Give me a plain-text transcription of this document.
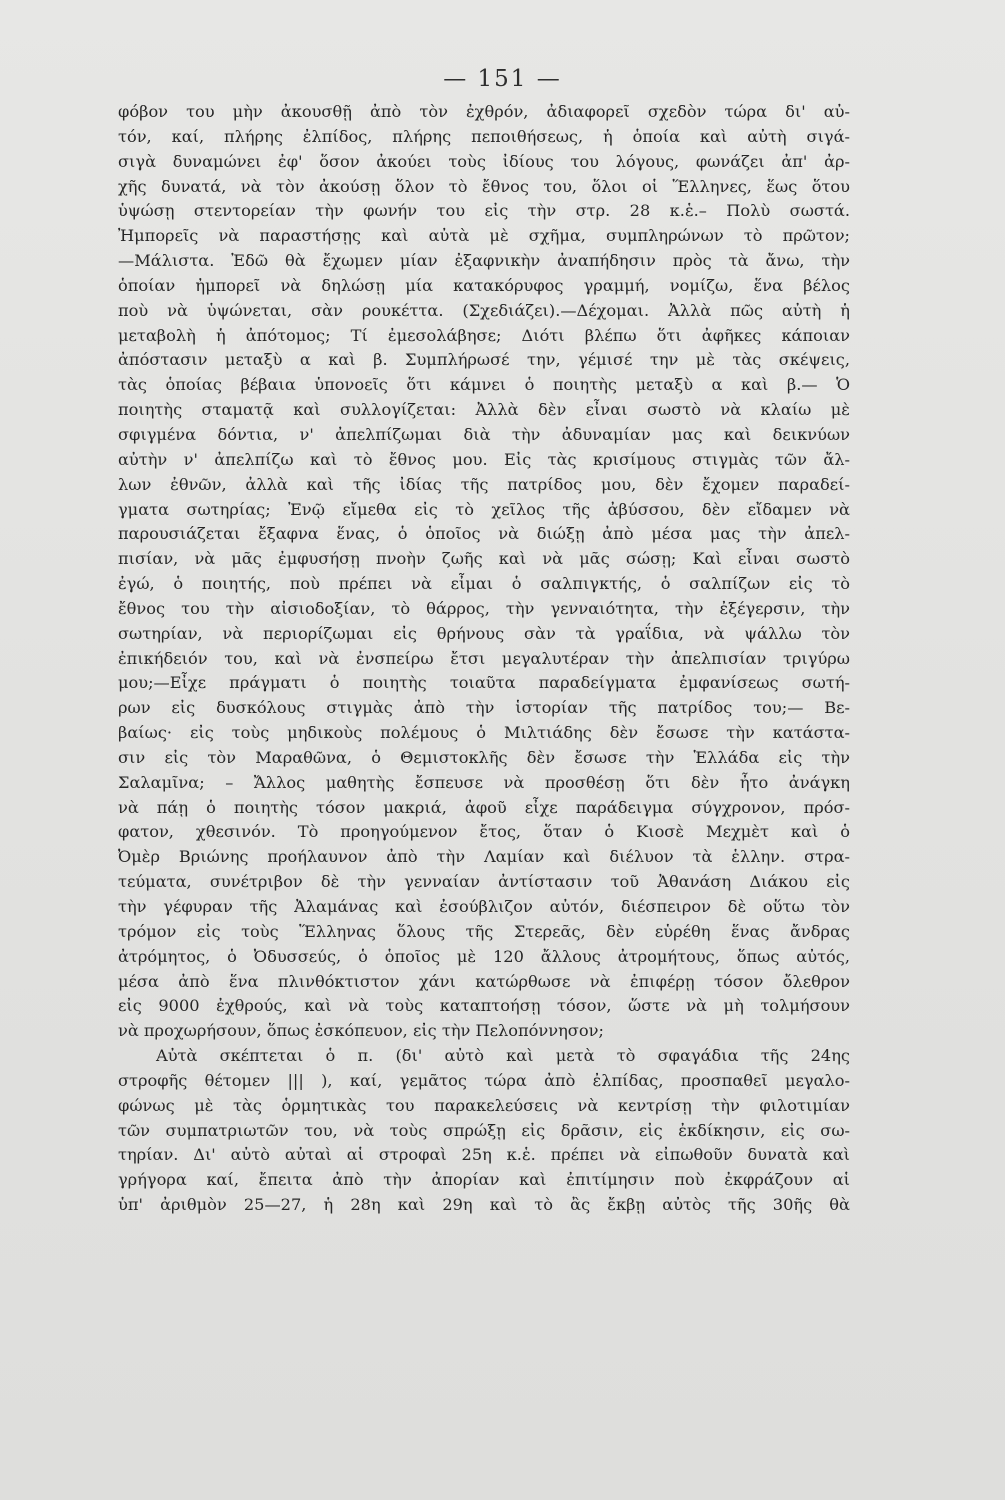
— 151 —
φόβον του μὴν ἀκουσθῇ ἀπὸ τὸν ἐχθρόν, ἀδιαφορεῖ σχεδὸν τώρα δι' αὐ-
τόν, καί, πλήρης ἐλπίδος, πλήρης πεποιθήσεως, ἡ ὁποία καὶ αὐτὴ σιγά-
σιγὰ δυναμώνει ἐφ' ὅσον ἀκούει τοὺς ἰδίους του λόγους, φωνάζει ἀπ' ἀρ-
χῆς δυνατά, νὰ τὸν ἀκούσῃ ὅλον τὸ ἔθνος του, ὅλοι οἱ Ἕλληνες, ἕως ὅτου
ὑψώσῃ στεντορείαν τὴν φωνήν του εἰς τὴν στρ. 28 κ.ἑ.– Πολὺ σωστά.
Ἠμπορεῖς νὰ παραστήσῃς καὶ αὐτὰ μὲ σχῆμα, συμπληρώνων τὸ πρῶτον;
—Μάλιστα. Ἐδῶ θὰ ἔχωμεν μίαν ἐξαφνικὴν ἀναπήδησιν πρὸς τὰ ἄνω, τὴν
ὁποίαν ἠμπορεῖ νὰ δηλώσῃ μία κατακόρυφος γραμμή, νομίζω, ἕνα βέλος
ποὺ νὰ ὑψώνεται, σὰν ρουκέττα. (Σχεδιάζει).—Δέχομαι. Ἀλλὰ πῶς αὐτὴ ἡ
μεταβολὴ ἡ ἀπότομος; Τί ἐμεσολάβησε; Διότι βλέπω ὅτι ἀφῆκες κάποιαν
ἀπόστασιν μεταξὺ α καὶ β. Συμπλήρωσέ την, γέμισέ την μὲ τὰς σκέψεις,
τὰς ὁποίας βέβαια ὑπονοεῖς ὅτι κάμνει ὁ ποιητὴς μεταξὺ α καὶ β.— Ὁ
ποιητὴς σταματᾷ καὶ συλλογίζεται: Ἀλλὰ δὲν εἶναι σωστὸ νὰ κλαίω μὲ
σφιγμένα δόντια, ν' ἀπελπίζωμαι διὰ τὴν ἀδυναμίαν μας καὶ δεικνύων
αὐτὴν ν' ἀπελπίζω καὶ τὸ ἔθνος μου. Εἰς τὰς κρισίμους στιγμὰς τῶν ἄλ-
λων ἐθνῶν, ἀλλὰ καὶ τῆς ἰδίας τῆς πατρίδος μου, δὲν ἔχομεν παραδεί-
γματα σωτηρίας; Ἐνῷ εἴμεθα εἰς τὸ χεῖλος τῆς ἀβύσσου, δὲν εἴδαμεν νὰ
παρουσιάζεται ἔξαφνα ἕνας, ὁ ὁποῖος νὰ διώξῃ ἀπὸ μέσα μας τὴν ἀπελ-
πισίαν, νὰ μᾶς ἐμφυσήσῃ πνοὴν ζωῆς καὶ νὰ μᾶς σώσῃ; Καὶ εἶναι σωστὸ
ἐγώ, ὁ ποιητής, ποὺ πρέπει νὰ εἶμαι ὁ σαλπιγκτής, ὁ σαλπίζων εἰς τὸ
ἔθνος του τὴν αἰσιοδοξίαν, τὸ θάρρος, τὴν γενναιότητα, τὴν ἐξέγερσιν, τὴν
σωτηρίαν, νὰ περιορίζωμαι εἰς θρήνους σὰν τὰ γραΐδια, νὰ ψάλλω τὸν
ἐπικήδειόν του, καὶ νὰ ἐνσπείρω ἔτσι μεγαλυτέραν τὴν ἀπελπισίαν τριγύρω
μου;—Εἶχε πράγματι ὁ ποιητὴς τοιαῦτα παραδείγματα ἐμφανίσεως σωτή-
ρων εἰς δυσκόλους στιγμὰς ἀπὸ τὴν ἱστορίαν τῆς πατρίδος του;— Βε-
βαίως· εἰς τοὺς μηδικοὺς πολέμους ὁ Μιλτιάδης δὲν ἔσωσε τὴν κατάστα-
σιν εἰς τὸν Μαραθῶνα, ὁ Θεμιστοκλῆς δὲν ἔσωσε τὴν Ἑλλάδα εἰς τὴν
Σαλαμῖνα; – Ἄλλος μαθητὴς ἔσπευσε νὰ προσθέσῃ ὅτι δὲν ἦτο ἀνάγκη
νὰ πάῃ ὁ ποιητὴς τόσον μακριά, ἀφοῦ εἶχε παράδειγμα σύγχρονον, πρόσ-
φατον, χθεσινόν. Τὸ προηγούμενον ἔτος, ὅταν ὁ Κιοσὲ Μεχμὲτ καὶ ὁ
Ὀμὲρ Βριώνης προήλαυνον ἀπὸ τὴν Λαμίαν καὶ διέλυον τὰ ἑλλην. στρα-
τεύματα, συνέτριβον δὲ τὴν γενναίαν ἀντίστασιν τοῦ Ἀθανάση Διάκου εἰς
τὴν γέφυραν τῆς Ἀλαμάνας καὶ ἐσούβλιζον αὐτόν, διέσπειρον δὲ οὕτω τὸν
τρόμον εἰς τοὺς Ἕλληνας ὅλους τῆς Στερεᾶς, δὲν εὑρέθη ἕνας ἄνδρας
ἀτρόμητος, ὁ Ὀδυσσεύς, ὁ ὁποῖος μὲ 120 ἄλλους ἀτρομήτους, ὅπως αὐτός,
μέσα ἀπὸ ἕνα πλινθόκτιστον χάνι κατώρθωσε νὰ ἐπιφέρῃ τόσον ὄλεθρον
εἰς 9000 ἐχθρούς, καὶ νὰ τοὺς καταπτοήσῃ τόσον, ὥστε νὰ μὴ τολμήσουν
νὰ προχωρήσουν, ὅπως ἐσκόπευον, εἰς τὴν Πελοπόννησον;
Αὐτὰ σκέπτεται ὁ π. (δι' αὐτὸ καὶ μετὰ τὸ σφαγάδια τῆς 24ης
στροφῆς θέτομεν ||| ), καί, γεμᾶτος τώρα ἀπὸ ἐλπίδας, προσπαθεῖ μεγαλο-
φώνως μὲ τὰς ὁρμητικὰς του παρακελεύσεις νὰ κεντρίσῃ τὴν φιλοτιμίαν
τῶν συμπατριωτῶν του, νὰ τοὺς σπρώξῃ εἰς δρᾶσιν, εἰς ἐκδίκησιν, εἰς σω-
τηρίαν. Δι' αὐτὸ αὐταὶ αἱ στροφαὶ 25η κ.ἑ. πρέπει νὰ εἰπωθοῦν δυνατὰ καὶ
γρήγορα καί, ἔπειτα ἀπὸ τὴν ἀπορίαν καὶ ἐπιτίμησιν ποὺ ἐκφράζουν αἱ
ὑπ' ἀριθμὸν 25—27, ἡ 28η καὶ 29η καὶ τὸ ἂς ἔκβῃ αὐτὸς τῆς 30ῆς θὰ
